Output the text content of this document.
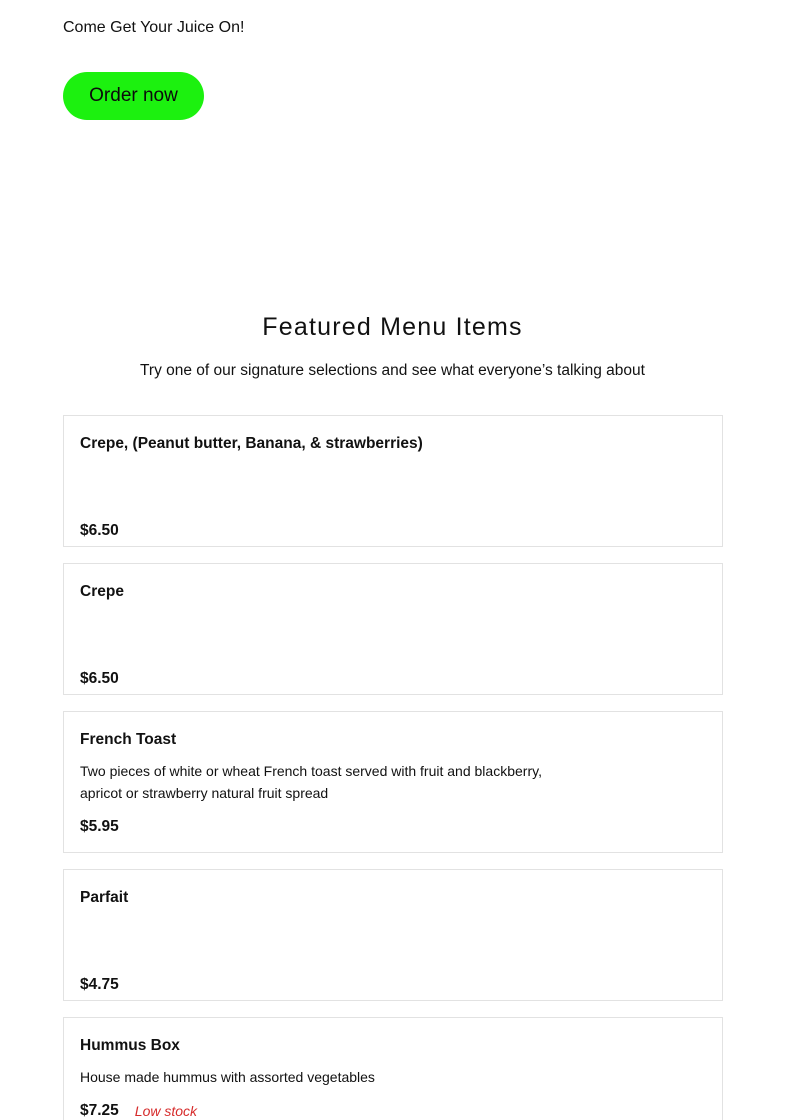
Come Get Your Juice On!
Order now
Featured Menu Items

Try one of our signature selections and see what everyone’s talking about

Crepe, (Peanut butter, Banana, & strawberries)

$6.50

Crepe

$6.50

French Toast

Two pieces of white or wheat French toast served with fruit and blackberry, apricot or strawberry natural fruit spread

$5.95

Parfait

$4.75

Hummus Box

House made hummus with assorted vegetables

$7.25 Low stock
